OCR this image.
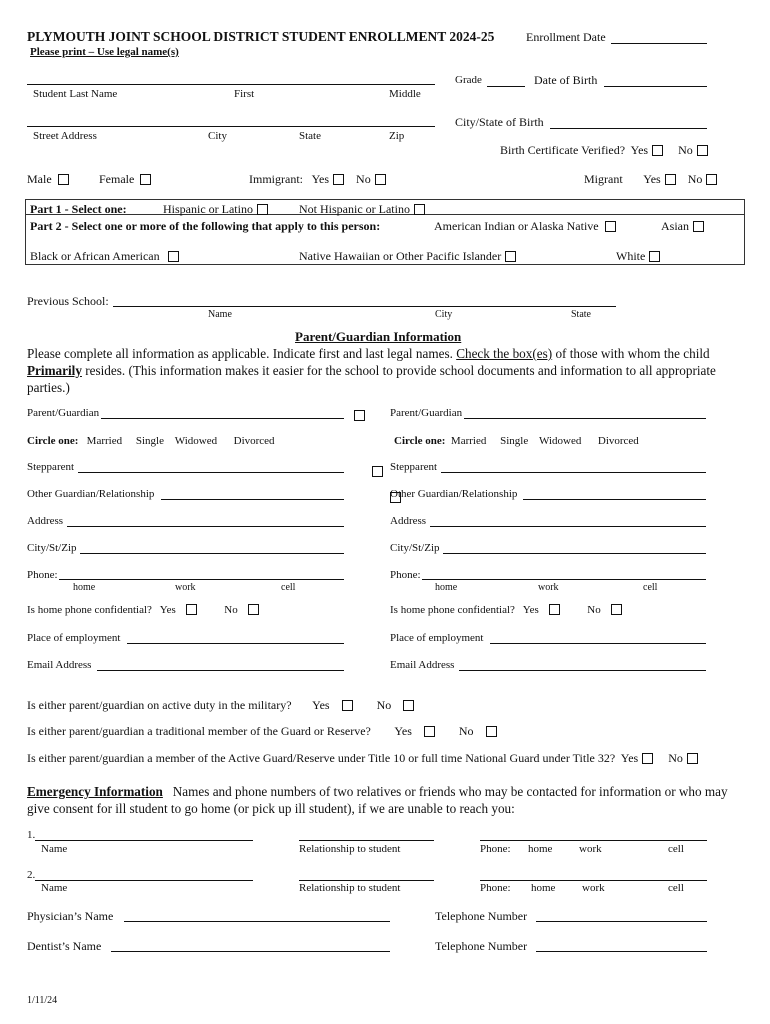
PLYMOUTH JOINT SCHOOL DISTRICT STUDENT ENROLLMENT 2024-25	Enrollment Date
Please print – Use legal name(s)
Student Last Name	First	Middle
Grade	Date of Birth
Street Address	City	State	Zip
City/State of Birth
Birth Certificate Verified? Yes	No
Male	Female	Immigrant: Yes No	Migrant Yes No
Part 1 - Select one:	Hispanic or Latino	Not Hispanic or Latino
Part 2 - Select one or more of the following that apply to this person:	American Indian or Alaska Native	Asian
Black or African American	Native Hawaiian or Other Pacific Islander	White
Previous School:
Name	City	State
Parent/Guardian Information
Please complete all information as applicable. Indicate first and last legal names. Check the box(es) of those with whom the child Primarily resides. (This information makes it easier for the school to provide school documents and information to all appropriate parties.)
Parent/Guardian

Circle one: Married Single Widowed Divorced
Stepparent

Other Guardian/Relationship

Address
City/St/Zip
Phone:
home	work	cell
Is home phone confidential? Yes	No
Place of employment
Email Address
Parent/Guardian

Circle one: Married Single Widowed Divorced
Stepparent

Other Guardian/Relationship
Address
City/St/Zip
Phone:
home	work	cell
Is home phone confidential? Yes	No
Place of employment
Email Address
Is either parent/guardian on active duty in the military? Yes	No
Is either parent/guardian a traditional member of the Guard or Reserve? Yes	No
Is either parent/guardian a member of the Active Guard/Reserve under Title 10 or full time National Guard under Title 32? Yes	No
Emergency Information Names and phone numbers of two relatives or friends who may be contacted for information or who may give consent for ill student to go home (or pick up ill student), if we are unable to reach you:
1.
Name	Relationship to student	Phone: home work	cell
2.
Name	Relationship to student	Phone: home work	cell
Physician’s Name	Telephone Number
Dentist’s Name	Telephone Number
1/11/24
